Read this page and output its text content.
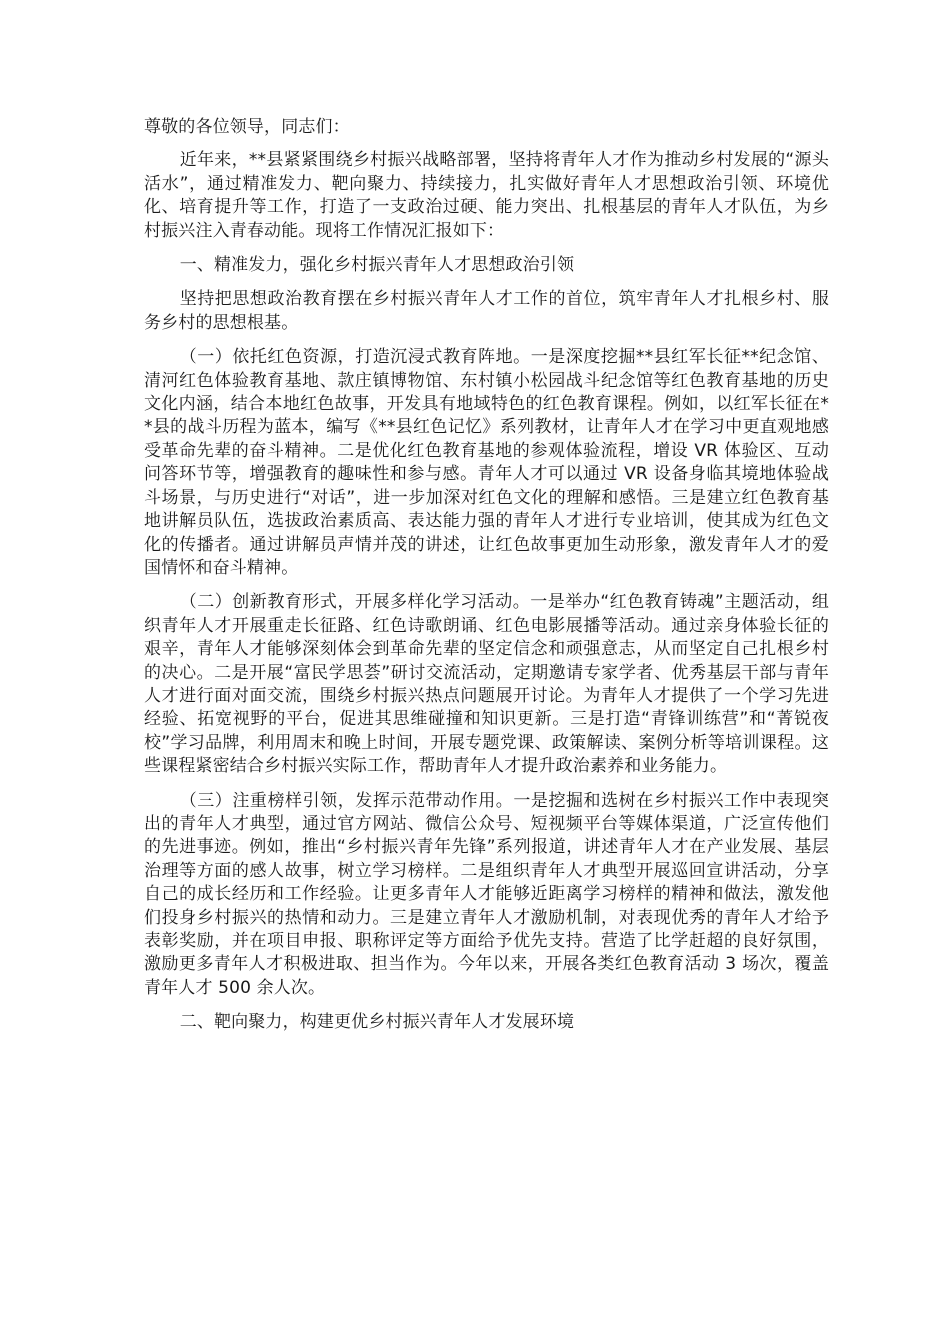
尊敬的各位领导，同志们：

近年来，**县紧紧围绕乡村振兴战略部署，坚持将青年人才作为推动乡村发展的“源头活水”，通过精准发力、靶向聚力、持续接力，扎实做好青年人才思想政治引领、环境优化、培育提升等工作，打造了一支政治过硬、能力突出、扎根基层的青年人才队伍，为乡村振兴注入青春动能。现将工作情况汇报如下：

一、精准发力，强化乡村振兴青年人才思想政治引领

坚持把思想政治教育摆在乡村振兴青年人才工作的首位，筑牢青年人才扎根乡村、服务乡村的思想根基。

（一）依托红色资源，打造沉浸式教育阵地。一是深度挖掘**县红军长征**纪念馆、清河红色体验教育基地、款庄镇博物馆、东村镇小松园战斗纪念馆等红色教育基地的历史文化内涵，结合本地红色故事，开发具有地域特色的红色教育课程。例如，以红军长征在**县的战斗历程为蓝本，编写《**县红色记忆》系列教材，让青年人才在学习中更直观地感受革命先辈的奋斗精神。二是优化红色教育基地的参观体验流程，增设 VR 体验区、互动问答环节等，增强教育的趣味性和参与感。青年人才可以通过 VR 设备身临其境地体验战斗场景，与历史进行“对话”，进一步加深对红色文化的理解和感悟。三是建立红色教育基地讲解员队伍，选拔政治素质高、表达能力强的青年人才进行专业培训，使其成为红色文化的传播者。通过讲解员声情并茂的讲述，让红色故事更加生动形象，激发青年人才的爱国情怀和奋斗精神。

（二）创新教育形式，开展多样化学习活动。一是举办“红色教育铸魂”主题活动，组织青年人才开展重走长征路、红色诗歌朗诵、红色电影展播等活动。通过亲身体验长征的艰辛，青年人才能够深刻体会到革命先辈的坚定信念和顽强意志，从而坚定自己扎根乡村的决心。二是开展“富民学思荟”研讨交流活动，定期邀请专家学者、优秀基层干部与青年人才进行面对面交流，围绕乡村振兴热点问题展开讨论。为青年人才提供了一个学习先进经验、拓宽视野的平台，促进其思维碰撞和知识更新。三是打造“青锋训练营”和“菁锐夜校”学习品牌，利用周末和晚上时间，开展专题党课、政策解读、案例分析等培训课程。这些课程紧密结合乡村振兴实际工作，帮助青年人才提升政治素养和业务能力。

（三）注重榜样引领，发挥示范带动作用。一是挖掘和选树在乡村振兴工作中表现突出的青年人才典型，通过官方网站、微信公众号、短视频平台等媒体渠道，广泛宣传他们的先进事迹。例如，推出“乡村振兴青年先锋”系列报道，讲述青年人才在产业发展、基层治理等方面的感人故事，树立学习榜样。二是组织青年人才典型开展巡回宣讲活动，分享自己的成长经历和工作经验。让更多青年人才能够近距离学习榜样的精神和做法，激发他们投身乡村振兴的热情和动力。三是建立青年人才激励机制，对表现优秀的青年人才给予表彰奖励，并在项目申报、职称评定等方面给予优先支持。营造了比学赶超的良好氛围，激励更多青年人才积极进取、担当作为。今年以来，开展各类红色教育活动 3 场次，覆盖青年人才 500 余人次。

二、靶向聚力，构建更优乡村振兴青年人才发展环境
